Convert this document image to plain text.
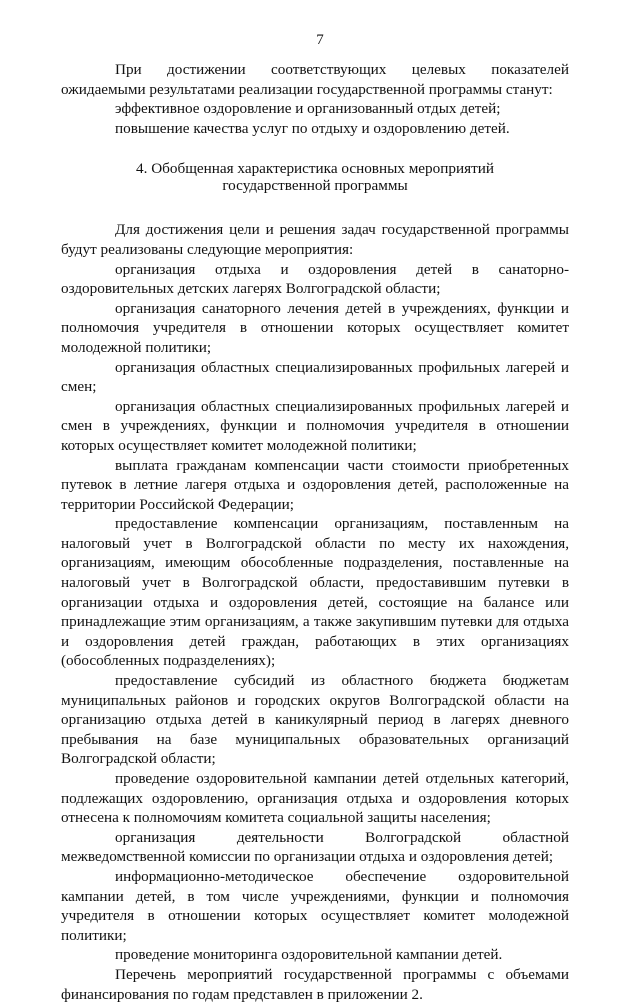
7

При достижении соответствующих целевых показателей ожидаемыми результатами реализации государственной программы станут:

эффективное оздоровление и организованный отдых детей;

повышение качества услуг по отдыху и оздоровлению детей.

4. Обобщенная характеристика основных мероприятий государственной программы

Для достижения цели и решения задач государственной программы будут реализованы следующие мероприятия:

организация отдыха и оздоровления детей в санаторно-оздоровительных детских лагерях Волгоградской области;

организация санаторного лечения детей в учреждениях, функции и полномочия учредителя в отношении которых осуществляет комитет молодежной политики;

организация областных специализированных профильных лагерей и смен;

организация областных специализированных профильных лагерей и смен в учреждениях, функции и полномочия учредителя в отношении которых осуществляет комитет молодежной политики;

выплата гражданам компенсации части стоимости приобретенных путевок в летние лагеря отдыха и оздоровления детей, расположенные на территории Российской Федерации;

предоставление компенсации организациям, поставленным на налоговый учет в Волгоградской области по месту их нахождения, организациям, имеющим обособленные подразделения, поставленные на налоговый учет в Волгоградской области, предоставившим путевки в организации отдыха и оздоровления детей, состоящие на балансе или принадлежащие этим организациям, а также закупившим путевки для отдыха и оздоровления детей граждан, работающих в этих организациях (обособленных подразделениях);

предоставление субсидий из областного бюджета бюджетам муниципальных районов и городских округов Волгоградской области на организацию отдыха детей в каникулярный период в лагерях дневного пребывания на базе муниципальных образовательных организаций Волгоградской области;

проведение оздоровительной кампании детей отдельных категорий, подлежащих оздоровлению, организация отдыха и оздоровления которых отнесена к полномочиям комитета социальной защиты населения;

организация деятельности Волгоградской областной межведомственной комиссии по организации отдыха и оздоровления детей;

информационно-методическое обеспечение оздоровительной кампании детей, в том числе учреждениями, функции и полномочия учредителя в отношении которых осуществляет комитет молодежной политики;

проведение мониторинга оздоровительной кампании детей.

Перечень мероприятий государственной программы с объемами финансирования по годам представлен в приложении 2.
